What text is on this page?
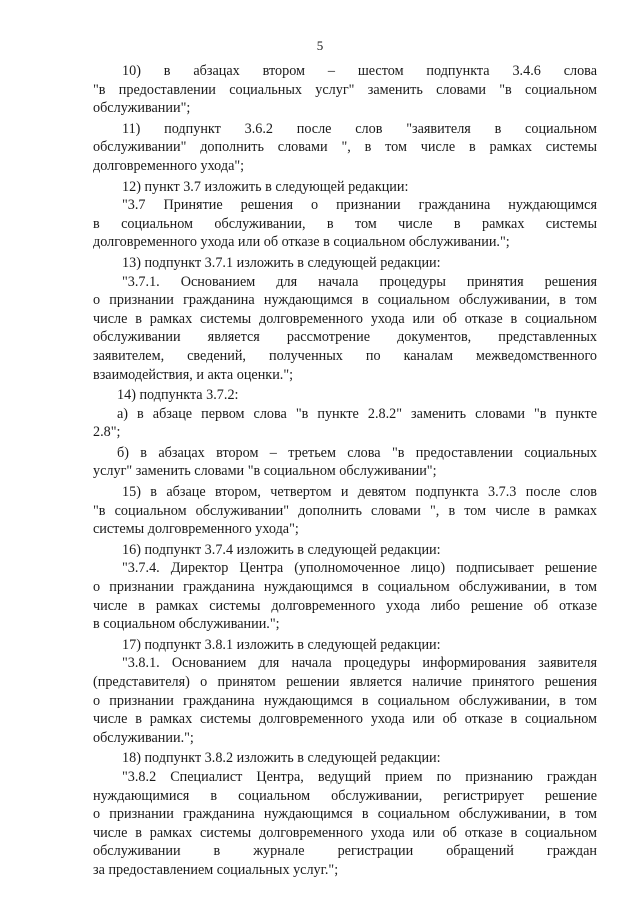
5
10) в абзацах втором – шестом подпункта 3.4.6 слова
"в предоставлении социальных услуг" заменить словами "в социальном
обслуживании";
11) подпункт 3.6.2 после слов "заявителя в социальном
обслуживании" дополнить словами ", в том числе в рамках системы
долговременного ухода";
12) пункт 3.7 изложить в следующей редакции:
"3.7 Принятие решения о признании гражданина нуждающимся
в социальном обслуживании, в том числе в рамках системы
долговременного ухода или об отказе в социальном обслуживании.";
13) подпункт 3.7.1 изложить в следующей редакции:
"3.7.1. Основанием для начала процедуры принятия решения
о признании гражданина нуждающимся в социальном обслуживании, в том
числе в рамках системы долговременного ухода или об отказе в социальном
обслуживании является рассмотрение документов, представленных
заявителем, сведений, полученных по каналам межведомственного
взаимодействия, и акта оценки.";
14) подпункта 3.7.2:
а) в абзаце первом слова "в пункте 2.8.2" заменить словами "в пункте
2.8";
б) в абзацах втором – третьем слова "в предоставлении социальных
услуг" заменить словами "в социальном обслуживании";
15) в абзаце втором, четвертом и девятом подпункта 3.7.3 после слов
"в социальном обслуживании" дополнить словами ", в том числе в рамках
системы долговременного ухода";
16) подпункт 3.7.4 изложить в следующей редакции:
"3.7.4. Директор Центра (уполномоченное лицо) подписывает решение
о признании гражданина нуждающимся в социальном обслуживании, в том
числе в рамках системы долговременного ухода либо решение об отказе
в социальном обслуживании.";
17) подпункт 3.8.1 изложить в следующей редакции:
"3.8.1. Основанием для начала процедуры информирования заявителя
(представителя) о принятом решении является наличие принятого решения
о признании гражданина нуждающимся в социальном обслуживании, в том
числе в рамках системы долговременного ухода или об отказе в социальном
обслуживании.";
18) подпункт 3.8.2 изложить в следующей редакции:
"3.8.2 Специалист Центра, ведущий прием по признанию граждан
нуждающимися в социальном обслуживании, регистрирует решение
о признании гражданина нуждающимся в социальном обслуживании, в том
числе в рамках системы долговременного ухода или об отказе в социальном
обслуживании в журнале регистрации обращений граждан
за предоставлением социальных услуг.";
